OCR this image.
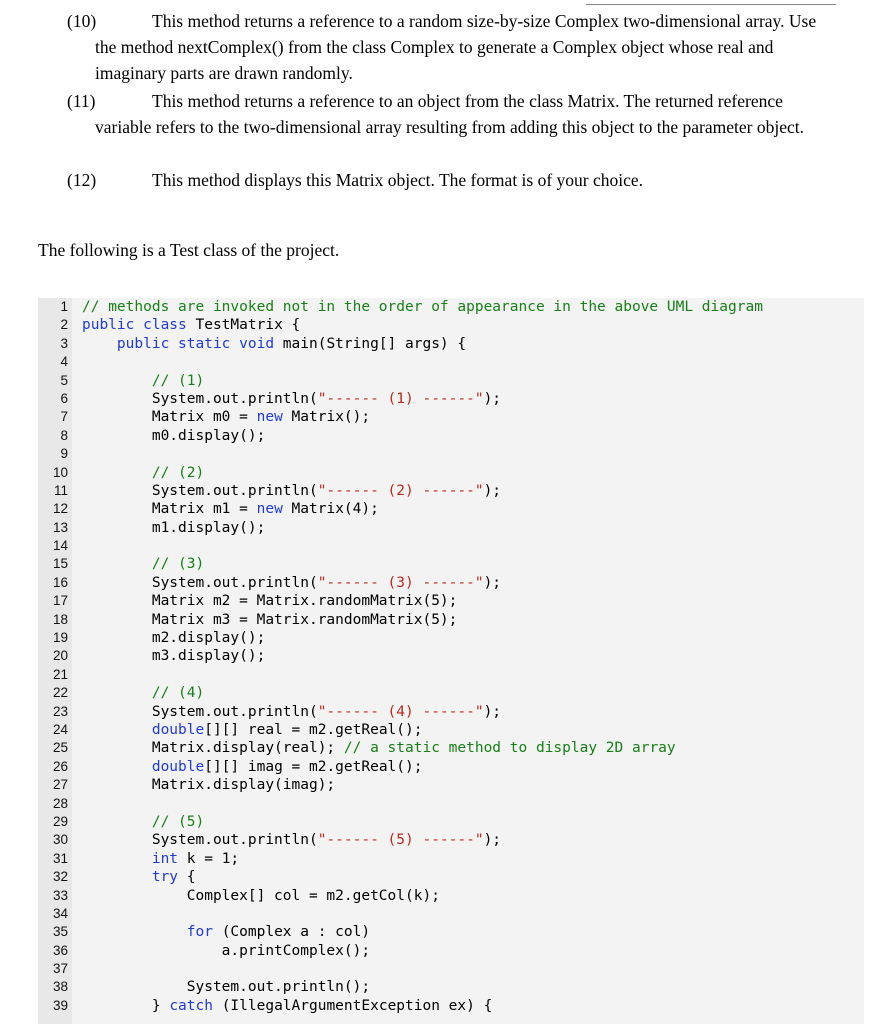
(10)	This method returns a reference to a random size-by-size Complex two-dimensional array. Use the method nextComplex() from the class Complex to generate a Complex object whose real and imaginary parts are drawn randomly.
(11)	This method returns a reference to an object from the class Matrix. The returned reference variable refers to the two-dimensional array resulting from adding this object to the parameter object.
(12)	This method displays this Matrix object. The format is of your choice.
The following is a Test class of the project.
1 // methods are invoked not in the order of appearance in the above UML diagram
2 public class TestMatrix {
3	public static void main(String[] args) {
4
5 // (1)
6 System.out.println("------ (1) ------");
7 Matrix m0 = new Matrix();
8 m0.display();
9
10 // (2)
11 System.out.println("------ (2) ------");
12 Matrix m1 = new Matrix(4);
13 m1.display();
14
15 // (3)
16 System.out.println("------ (3) ------");
17 Matrix m2 = Matrix.randomMatrix(5);
18 Matrix m3 = Matrix.randomMatrix(5);
19 m2.display();
20 m3.display();
21
22 // (4)
23 System.out.println("------ (4) ------");
24	double[][] real = m2.getReal();
25 Matrix.display(real); // a static method to display 2D array
26	double[][] imag = m2.getReal();
27 Matrix.display(imag);
28
29 // (5)
30 System.out.println("------ (5) ------");
31	int k = 1;
32	try {
33 Complex[] col = m2.getCol(k);
34
35	for (Complex a : col)
36 a.printComplex();
37
38 System.out.println();
39 } catch (IllegalArgumentException ex) {
